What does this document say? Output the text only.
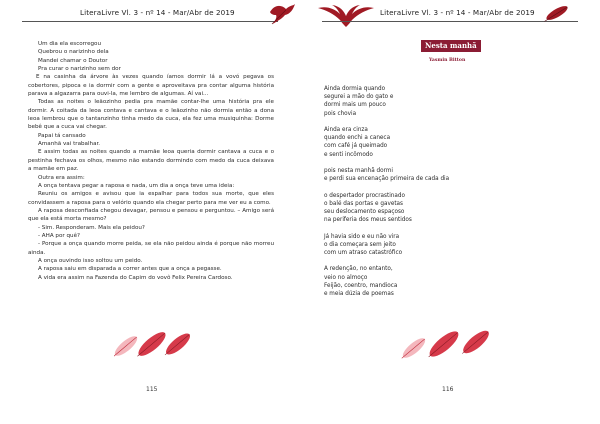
LiteraLivre Vl. 3 - nº 14 - Mar/Abr de 2019

Um dia ela escorregou

Quebrou o narizinho dela

Mandei chamar o Doutor

Pra curar o narizinho sem dor

E na casinha da árvore às vezes quando íamos dormir lá a vovó pegava os cobertores, pipoca e ia dormir com a gente e aproveitava pra contar alguma história parava a algazarra para ouvi-la, me lembro de algumas. Aí vai...

Todas as noites o leãozinho pedia pra mamãe contar-lhe uma história pra ele dormir. A coitada da leoa contava e cantava e o leãozinho não dormia então a dona leoa lembrou que o tantanzinho tinha medo da cuca, ela fez uma musiquinha: Dorme bebê que a cuca vai chegar.

Papai tá cansado

Amanhã vai trabalhar.

E assim todas as noites quando a mamãe leoa queria dormir cantava a cuca e o pestinha fechava os olhos, mesmo não estando dormindo com medo da cuca deixava a mamãe em paz.

Outra era assim:

A onça tentava pegar a raposa e nada, um dia a onça teve uma ideia:

Reuniu os amigos e avisou que ia espalhar para todos sua morte, que eles convidassem a raposa para o velório quando ela chegar perto para me ver eu a como.

A raposa desconfiada chegou devagar, pensou e pensou e perguntou. – Amigo será que ela está morta mesmo?

- Sim. Responderam. Mais ela peidou?

- AHA por quê?

- Porque a onça quando morre peida, se ela não peidou ainda é porque não morreu ainda.

A onça ouvindo isso soltou um peido.

A raposa saiu em disparada a correr antes que a onça a pegasse.

A vida era assim na Fazenda do Capim do vovô Felix Pereira Cardoso.

115
LiteraLivre Vl. 3 - nº 14 - Mar/Abr de 2019
Nesta manhã
Yasmin Bitton
Ainda dormia quando
segurei a mão do gato e
dormi mais um pouco
pois chovia
Ainda era cinza
quando enchi a caneca
com café já queimado
e senti incômodo
pois nesta manhã dormi
e perdi sua encenação primeira de cada dia
o despertador procrastinado
o balé das portas e gavetas
seu deslocamento espaçoso
na periferia dos meus sentidos
Já havia sido e eu não vira
o dia começara sem jeito
com um atraso catastrófico
A redenção, no entanto,
veio no almoço
Feijão, coentro, mandioca
e meia dúzia de poemas
116
